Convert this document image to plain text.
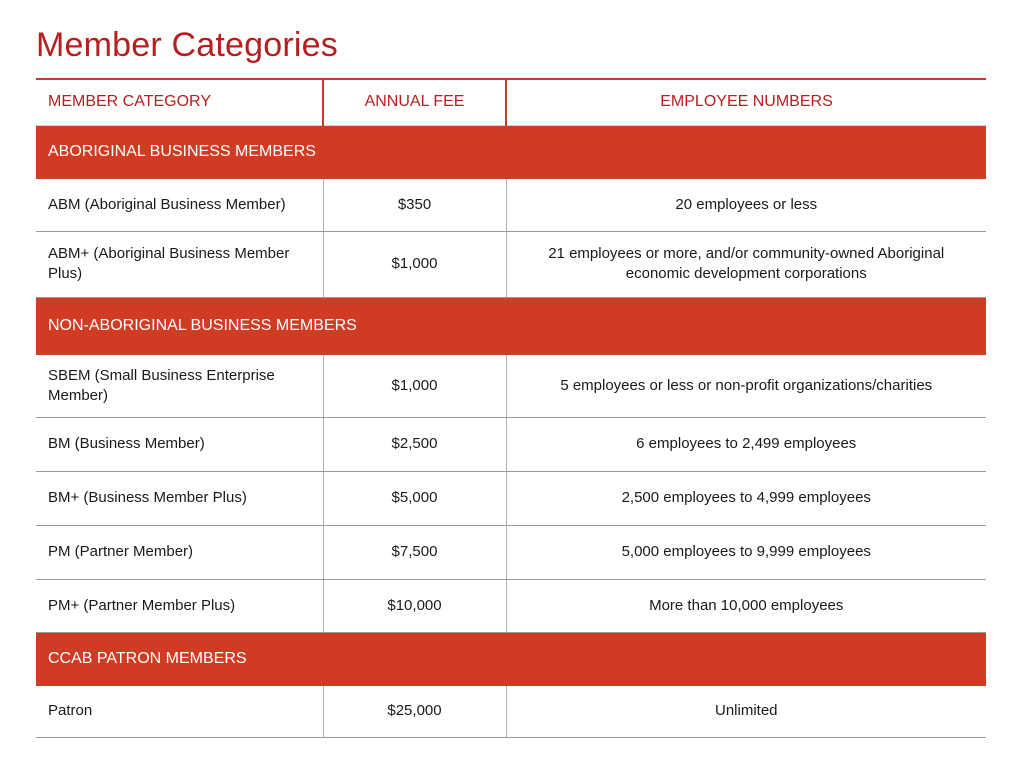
Member Categories
MEMBER CATEGORY	ANNUAL FEE	EMPLOYEE NUMBERS
ABORIGINAL BUSINESS MEMBERS		
ABM (Aboriginal Business Member)	$350	20 employees or less
ABM+ (Aboriginal Business Member Plus)	$1,000	21 employees or more, and/or community-owned Aboriginal economic development corporations
NON-ABORIGINAL BUSINESS MEMBERS		
SBEM (Small Business Enterprise Member)	$1,000	5 employees or less or non-profit organizations/charities
BM (Business Member)	$2,500	6 employees to 2,499 employees
BM+ (Business Member Plus)	$5,000	2,500 employees to 4,999 employees
PM (Partner Member)	$7,500	5,000 employees to 9,999 employees
PM+ (Partner Member Plus)	$10,000	More than 10,000 employees
CCAB PATRON MEMBERS		
Patron	$25,000	Unlimited
